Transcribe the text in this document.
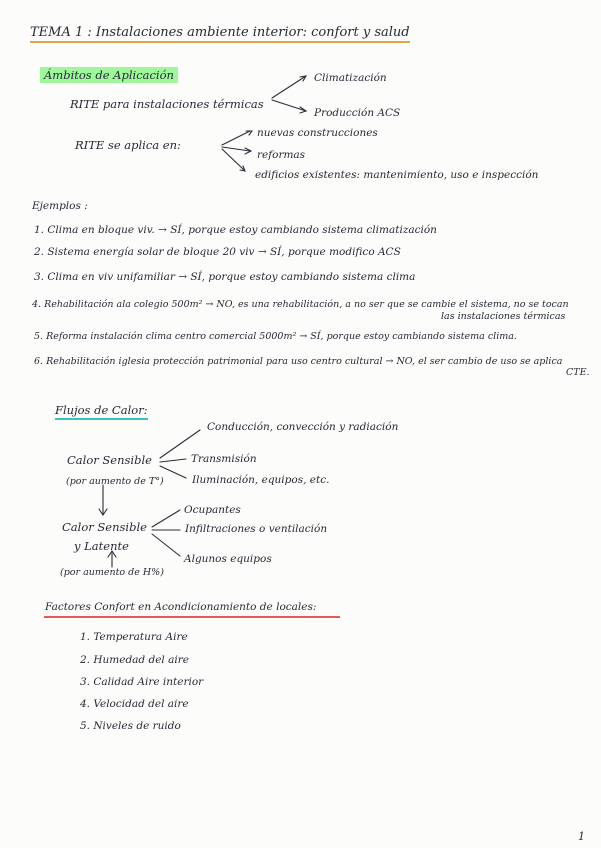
TEMA 1 : Instalaciones ambiente interior: confort y salud
Ámbitos de Aplicación
RITE para instalaciones térmicas
Climatización
Producción ACS
RITE se aplica en:
nuevas construcciones
reformas
edificios existentes: mantenimiento, uso e inspección
Ejemplos :
1. Clima en bloque viv. → SÍ, porque estoy cambiando sistema climatización
2. Sistema energía solar de bloque 20 viv → SÍ, porque modifico ACS
3. Clima en viv unifamiliar → SÍ, porque estoy cambiando sistema clima
4. Rehabilitación ala colegio 500m² → NO, es una rehabilitación, a no ser que se cambie el sistema, no se tocan
las instalaciones térmicas
5. Reforma instalación clima centro comercial 5000m² → SÍ, porque estoy cambiando sistema clima.
6. Rehabilitación iglesia protección patrimonial para uso centro cultural → NO, el ser cambio de uso se aplica
CTE.
Flujos de Calor:
Calor Sensible
(por aumento de T°)
Conducción, convección y radiación
Transmisión
Iluminación, equipos, etc.
Calor Sensible
y Latente
(por aumento de H%)
Ocupantes
Infiltraciones o ventilación
Algunos equipos
Factores Confort en Acondicionamiento de locales:
1. Temperatura Aire
2. Humedad del aire
3. Calidad Aire interior
4. Velocidad del aire
5. Niveles de ruido
1
